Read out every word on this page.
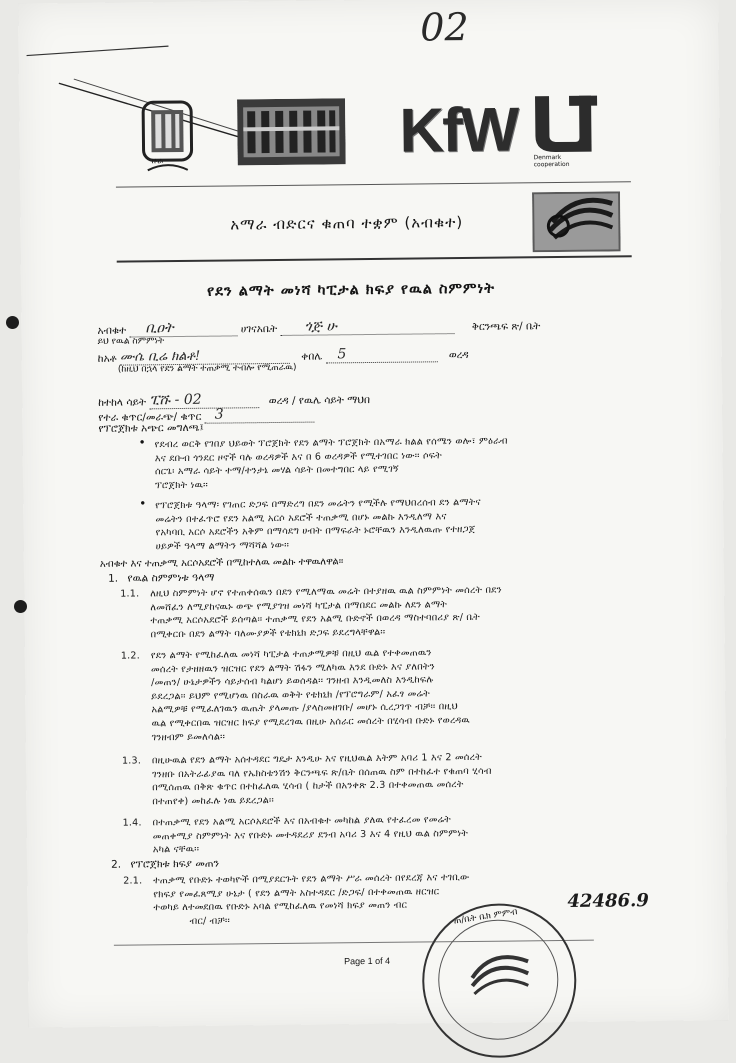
02
ዙራ	KfW	Denmark cooperation
አማራ ብድርና ቁጠባ ተቋም (አብቁተ)
የደን ልማት መነሻ ካፒታል ክፍያ የዉል ስምምነት
አብቁተ ቢዐት	ሀገናአቤት ጎጅ ሁ	ቅርንጫፍ ጽ/ ቤት
ይህ የዉል ስምምነት
ከአቶ ሙሴ ቢሬ ክልቶ!	ቀበሌ 5	ወረዳ
(ከዚህ በኋላ የደን ልማት ተጠቃሚ ተብሎ የሚጠራዉ)
ከተከላ ሳይት ፒሹ - 02	ወረዳ / የዉሌ ሳይት ማህበ
የተራ ቁጥር/መራጭ/ ቁጥር 3
የፕሮጀክቱ አጭር መግለጫ፤
• የደብረ ወርቅ የገበያ ህይወት ፕሮጀክት የደን ልማት ፕሮጀክት በአማራ ክልል የሰሜን ወሎ፣ ምዕራብ
እና ደቡብ ጎንደር ዞኖች ባሉ ወረዳዎች እና በ 6 ወረዳዎች የሚተገበር ነው፡፡ ሶፍት
ሰርጌ፡ አማራ ሳይት ተማ/ተንታኔ መሃል ሳይት በመተግበር ላይ የሚገኝ
ፕሮጀክት ነዉ፡፡
• የፕሮጀክቱ ዓላማ፡ የገጠር ድጋፍ በማድረግ በደን መሬትን የሚችሉ የማህበረሰብ ደን ልማትና
መሬትን በተፈጥሮ የደን አልሚ አርሶ አደሮች ተጠቃሚ በሆኑ መልኩ እንዲለማ እና
የአካባቢ አርሶ አደሮችን አቅም በማሳደግ ሀብት በማፍራት ኑሮቸዉን እንዲለዉጡ የተዘጋጀ
ሀይዎች ዓላማ ልማትን ማሻሻል ነው፡፡
አብቁተ እና ተጠቃሚ አርሶአደሮች በሚከተለዉ መልኩ ተዋዉለዋል፡፡
1. የዉል ስምምነቱ ዓላማ
1.1. ለዚህ ስምምነት ሆኖ የተጠቀሰዉን በደን የሚለማዉ መሬት በተያዘዉ ዉል ስምምነት መሰረት በደን
ለመሸፈን ለሚያከናዉኑ ወጭ የሚያገዝ መነሻ ካፒታል በማበደር መልኩ ለደን ልማት
ተጠቃሚ አርሶአደሮች ይሰጣል፡፡ ተጠቃሚ የደን አልሚ ቡድኖች በወረዳ ማስተባበሪያ ጽ/ ቤት
በሚቀርቡ በደን ልማት ባለሙያዎች የቴክኒክ ድጋፍ ይደረግላቸዋል፡፡
1.2. የደን ልማት የሚከፈለዉ መነሻ ካፒታል ተጠቃሚዎቹ በዚህ ዉል የተቀመጠዉን
መሰረት የታዘዘዉን ዝርዝር የደን ልማት ሽፋን ሚለካዉ እንደ ቡድኑ እና ያለበትን
/መጠን/ ሁኔታዎችን ሳይታሰብ ካልሆነ ይወሰዳል፡፡ ገንዘብ እንዲመለስ እንዲከፍሉ
ይደረጋል፡፡ ይህም የሚሆነዉ በስራዉ ወቅት የቴክኒክ /የፕሮግራም/ አፈፃ መሬት
አልሚዎቹ የሚፈለገዉን ዉጤት ያላመጡ /ያላስመዘገቡ/ መሆኑ ሲረጋገጥ ብቻ፡፡ በዚህ
ዉል የሚቀርበዉ ዝርዝር ክፍያ የሚደረገዉ በዚሁ አሰራር መሰረት በሂሳብ ቡድኑ የወረዳዉ
ገንዘብም ይመለሳል፡፡
1.3. በዚሁዉል የደን ልማት አሰተዳደር ግዴታ እንዲሁ እና የዚህዉል እትም አባሪ 1 እና 2 መሰረት
ገንዘቡ በአትራፊያዉ ባለ የኤክስቴንሽን ቅርንጫፍ ጽ/ቤት በሰጠዉ ስም በተከፈተ የቁጠባ ሂሳብ
በሚሰጠዉ በቅጽ ቁጥር በተከፈለዉ ሂሳብ ( ከታች በአንቀጽ 2.3 በተቀመጠዉ መሰረት
በተጠየቀ) መከፈሉ ነዉ ይደረጋል፡፡
1.4. በተጠቃሚ የደን አልሚ አርሶአደሮች እና በአብቁተ መካከል ያለዉ የተፈረመ የመሬት
መጠቀሚያ ስምምነት እና የቡድኑ መተዳደሪያ ደንብ አባሪ 3 እና 4 የዚህ ዉል ስምምነት
አካል ናቸዉ፡፡
2. የፕሮጀክቱ ክፍያ መጠን
2.1. ተጠቃሚ የቡድኑ ተወካዮች በሚያደርጉት የደን ልማት ሥራ መሰረት በየደረጃ እና ተገቢው
የክፍያ የመፈጸሚያ ሁኔታ ( የደን ልማት አስተዳደር /ድጋፍ/ በተቀመጠዉ ዘርዝር
ተወካይ ለተመደበዉ የቡድኑ አባል የሚከፈለዉ የመነሻ ክፍያ መጠን ብር
ብር/ ብቻ፡፡
42486.9
Page 1 of 4
ጠ/ቤት ቤክ ምምብ
